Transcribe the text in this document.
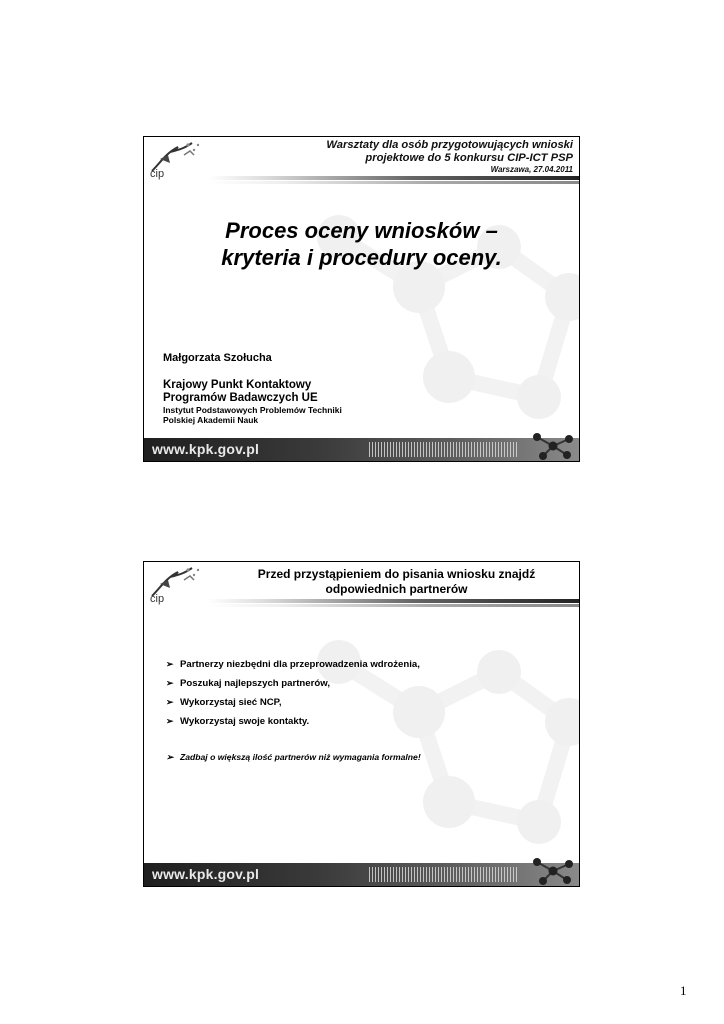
cip
Warsztaty dla osób przygotowujących wnioski
projektowe do 5 konkursu CIP-ICT PSP
Warszawa, 27.04.2011
Proces oceny wniosków –
kryteria i procedury oceny.
Małgorzata Szołucha
Krajowy Punkt Kontaktowy
Programów Badawczych UE
Instytut Podstawowych Problemów Techniki
Polskiej Akademii Nauk
www.kpk.gov.pl
cip
Przed przystąpieniem do pisania wniosku znajdź
odpowiednich partnerów
➢ Partnerzy niezbędni dla przeprowadzenia wdrożenia,
➢ Poszukaj najlepszych partnerów,
➢ Wykorzystaj sieć NCP,
➢ Wykorzystaj swoje kontakty.
➢ Zadbaj o większą ilość partnerów niż wymagania formalne!
www.kpk.gov.pl
1
